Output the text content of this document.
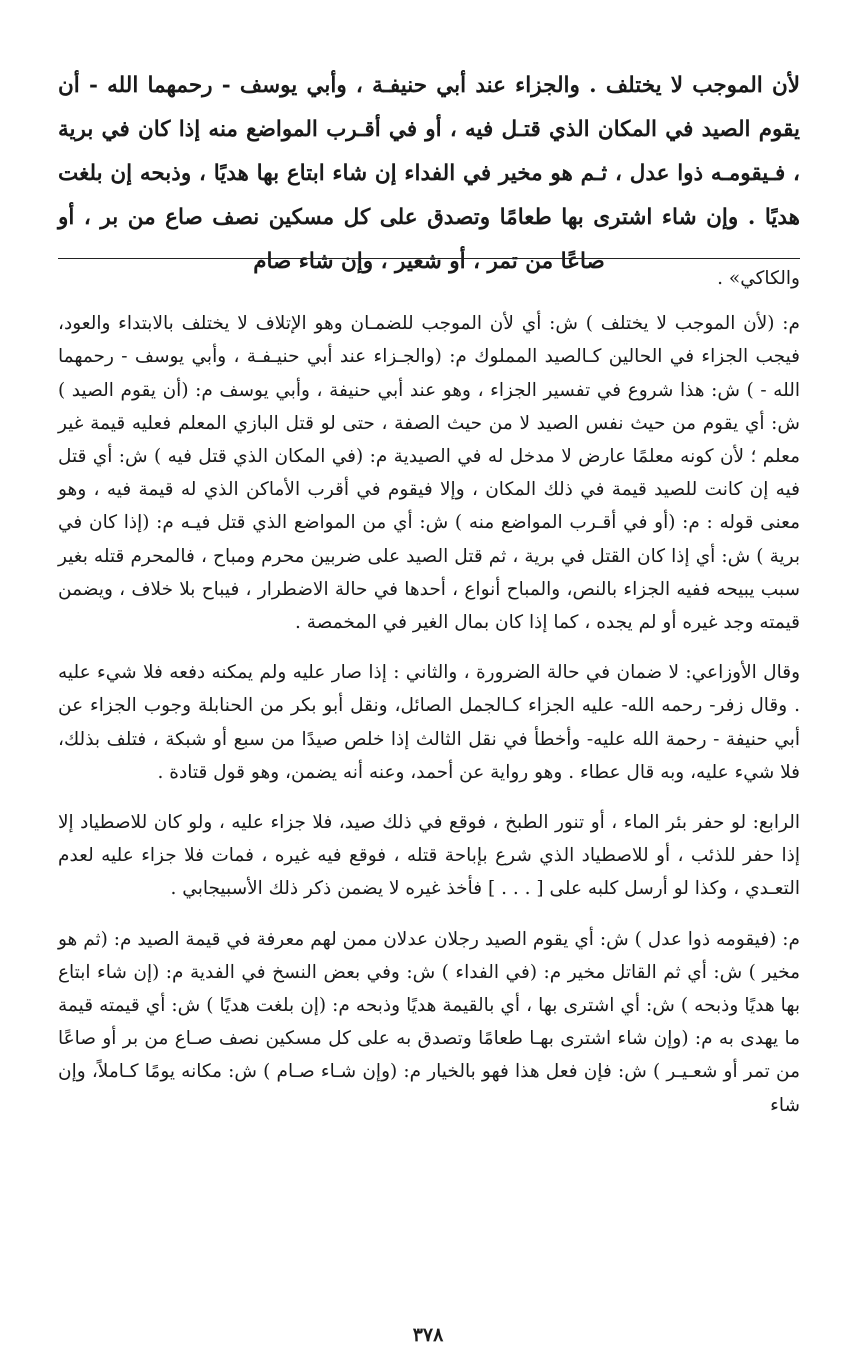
لأن الموجب لا يختلف . والجزاء عند أبي حنيفـة ، وأبي يوسف - رحمهما الله - أن يقوم الصيد في المكان الذي قتـل فيه ، أو في أقـرب المواضع منه إذا كان في برية ، فـيقومـه ذوا عدل ، ثـم هو مخير في الفداء إن شاء ابتاع بها هديًا ، وذبحه إن بلغت هديًا . وإن شاء اشترى بها طعامًا وتصدق على كل مسكين نصف صاع من بر ، أو صاعًا من تمر ، أو شعير ، وإن شاء صام

والكاكي» .

م: (لأن الموجب لا يختلف ) ش: أي لأن الموجب للضمـان وهو الإتلاف لا يختلف بالابتداء والعود، فيجب الجزاء في الحالين كـالصيد المملوك م: (والجـزاء عند أبي حنيـفـة ، وأبي يوسف - رحمهما الله - ) ش: هذا شروع في تفسير الجزاء ، وهو عند أبي حنيفة ، وأبي يوسف م: (أن يقوم الصيد ) ش: أي يقوم من حيث نفس الصيد لا من حيث الصفة ، حتى لو قتل البازي المعلم فعليه قيمة غير معلم ؛ لأن كونه معلمًا عارض لا مدخل له في الصيدية م: (في المكان الذي قتل فيه ) ش: أي قتل فيه إن كانت للصيد قيمة في ذلك المكان ، وإلا فيقوم في أقرب الأماكن الذي له قيمة فيه ، وهو معنى قوله : م: (أو في أقـرب المواضع منه ) ش: أي من المواضع الذي قتل فيـه م: (إذا كان في برية ) ش: أي إذا كان القتل في برية ، ثم قتل الصيد على ضربين محرم ومباح ، فالمحرم قتله بغير سبب يبيحه ففيه الجزاء بالنص، والمباح أنواع ، أحدها في حالة الاضطرار ، فيباح بلا خلاف ، ويضمن قيمته وجد غيره أو لم يجده ، كما إذا كان بمال الغير في المخمصة .

وقال الأوزاعي: لا ضمان في حالة الضرورة ، والثاني : إذا صار عليه ولم يمكنه دفعه فلا شيء عليه . وقال زفر- رحمه الله- عليه الجزاء كـالجمل الصائل، ونقل أبو بكر من الحنابلة وجوب الجزاء عن أبي حنيفة - رحمة الله عليه- وأخطأ في نقل الثالث إذا خلص صيدًا من سبع أو شبكة ، فتلف بذلك، فلا شيء عليه، وبه قال عطاء . وهو رواية عن أحمد، وعنه أنه يضمن، وهو قول قتادة .

الرابع: لو حفر بئر الماء ، أو تنور الطبخ ، فوقع في ذلك صيد، فلا جزاء عليه ، ولو كان للاصطياد إلا إذا حفر للذئب ، أو للاصطياد الذي شرع بإباحة قتله ، فوقع فيه غيره ، فمات فلا جزاء عليه لعدم التعـدي ، وكذا لو أرسل كلبه على [ . . . ] فأخذ غيره لا يضمن ذكر ذلك الأسبيجابي .

م: (فيقومه ذوا عدل ) ش: أي يقوم الصيد رجلان عدلان ممن لهم معرفة في قيمة الصيد م: (ثم هو مخير ) ش: أي ثم القاتل مخير م: (في الفداء ) ش: وفي بعض النسخ في الفدية م: (إن شاء ابتاع بها هديًا وذبحه ) ش: أي اشترى بها ، أي بالقيمة هديًا وذبحه م: (إن بلغت هديًا ) ش: أي قيمته قيمة ما يهدى به م: (وإن شاء اشترى بهـا طعامًا وتصدق به على كل مسكين نصف صـاع من بر أو صاعًا من تمر أو شعـيـر ) ش: فإن فعل هذا فهو بالخيار م: (وإن شـاء صـام ) ش: مكانه يومًا كـاملاً، وإن شاء

٣٧٨
